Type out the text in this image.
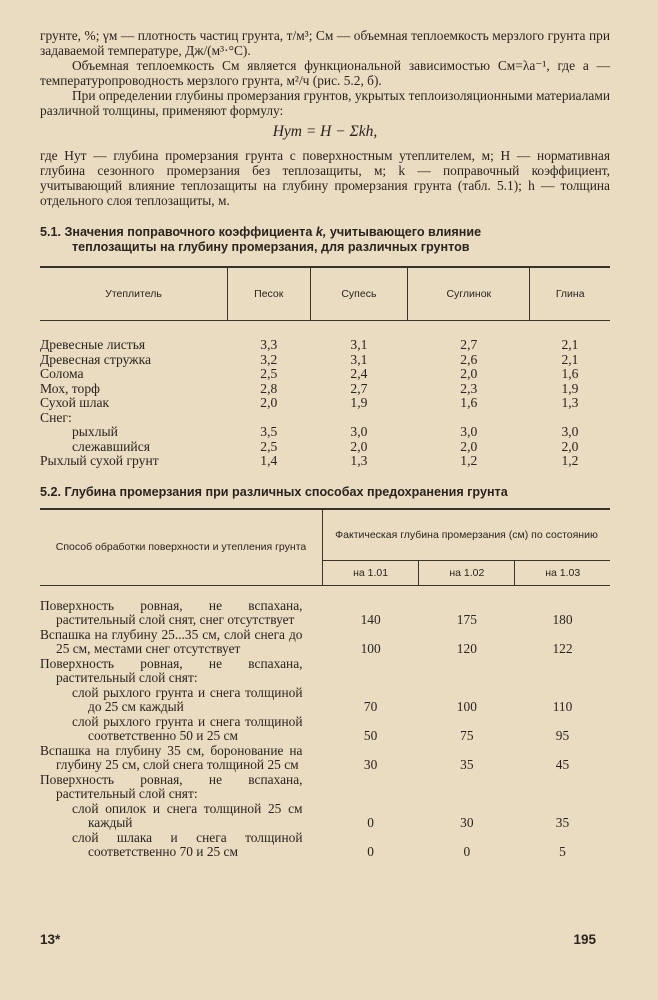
грунте, %; γм — плотность частиц грунта, т/м³; Cм — объемная теплоемкость мерзлого грунта при задаваемой температуре, Дж/(м³·°С).

Объемная теплоемкость Cм является функциональной зависимостью Cм=λa⁻¹, где a — температуропроводность мерзлого грунта, м²/ч (рис. 5.2, б).

При определении глубины промерзания грунтов, укрытых теплоизоляционными материалами различной толщины, применяют формулу:

Hут = H − Σkh,

где Hут — глубина промерзания грунта с поверхностным утеплителем, м; H — нормативная глубина сезонного промерзания без теплозащиты, м; k — поправочный коэффициент, учитывающий влияние теплозащиты на глубину промерзания грунта (табл. 5.1); h — толщина отдельного слоя теплозащиты, м.

5.1. Значения поправочного коэффициента k, учитывающего влияние
теплозащиты на глубину промерзания, для различных грунтов
Утеплитель	Песок	Супесь	Суглинок	Глина
Древесные листья	3,3	3,1	2,7	2,1
Древесная стружка	3,2	3,1	2,6	2,1
Солома	2,5	2,4	2,0	1,6
Мох, торф	2,8	2,7	2,3	1,9
Сухой шлак	2,0	1,9	1,6	1,3
Снег:				
рыхлый	3,5	3,0	3,0	3,0
слежавшийся	2,5	2,0	2,0	2,0
Рыхлый сухой грунт	1,4	1,3	1,2	1,2
5.2. Глубина промерзания при различных способах предохранения грунта
Способ обработки поверхности и утепления грунта	Фактическая глубина промерзания (см) по состоянию		
	на 1.01	на 1.02	на 1.03

Поверхность ровная, не вспахана, растительный слой снят, снег отсутствует	140	175	180

Вспашка на глубину 25...35 см, слой снега до 25 см, местами снег отсутствует	100	120	122

Поверхность ровная, не вспахана, растительный слой снят:			

слой рыхлого грунта и снега толщиной до 25 см каждый	70	100	110

слой рыхлого грунта и снега толщиной соответственно 50 и 25 см	50	75	95

Вспашка на глубину 35 см, боронование на глубину 25 см, слой снега толщиной 25 см	30	35	45

Поверхность ровная, не вспахана, растительный слой снят:			

слой опилок и снега толщиной 25 см каждый	0	30	35

слой шлака и снега толщиной соответственно 70 и 25 см	0	0	5
13*	195
